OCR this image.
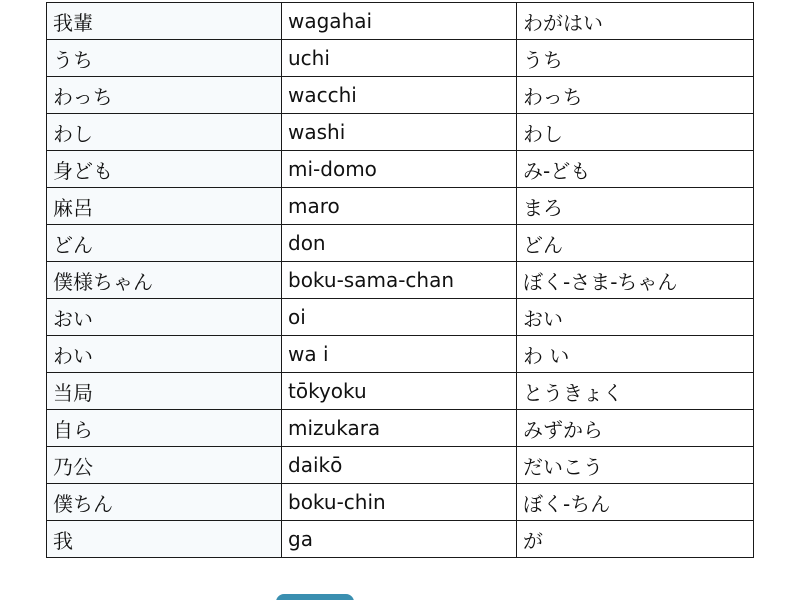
我輩	wagahai	わがはい
うち	uchi	うち
わっち	wacchi	わっち
わし	washi	わし
身ども	mi-domo	み-ども
麻呂	maro	まろ
どん	don	どん
僕様ちゃん	boku-sama-chan	ぼく-さま-ちゃん
おい	oi	おい
わい	wa i	わ い
当局	tōkyoku	とうきょく
自ら	mizukara	みずから
乃公	daikō	だいこう
僕ちん	boku-chin	ぼく-ちん
我	ga	が
